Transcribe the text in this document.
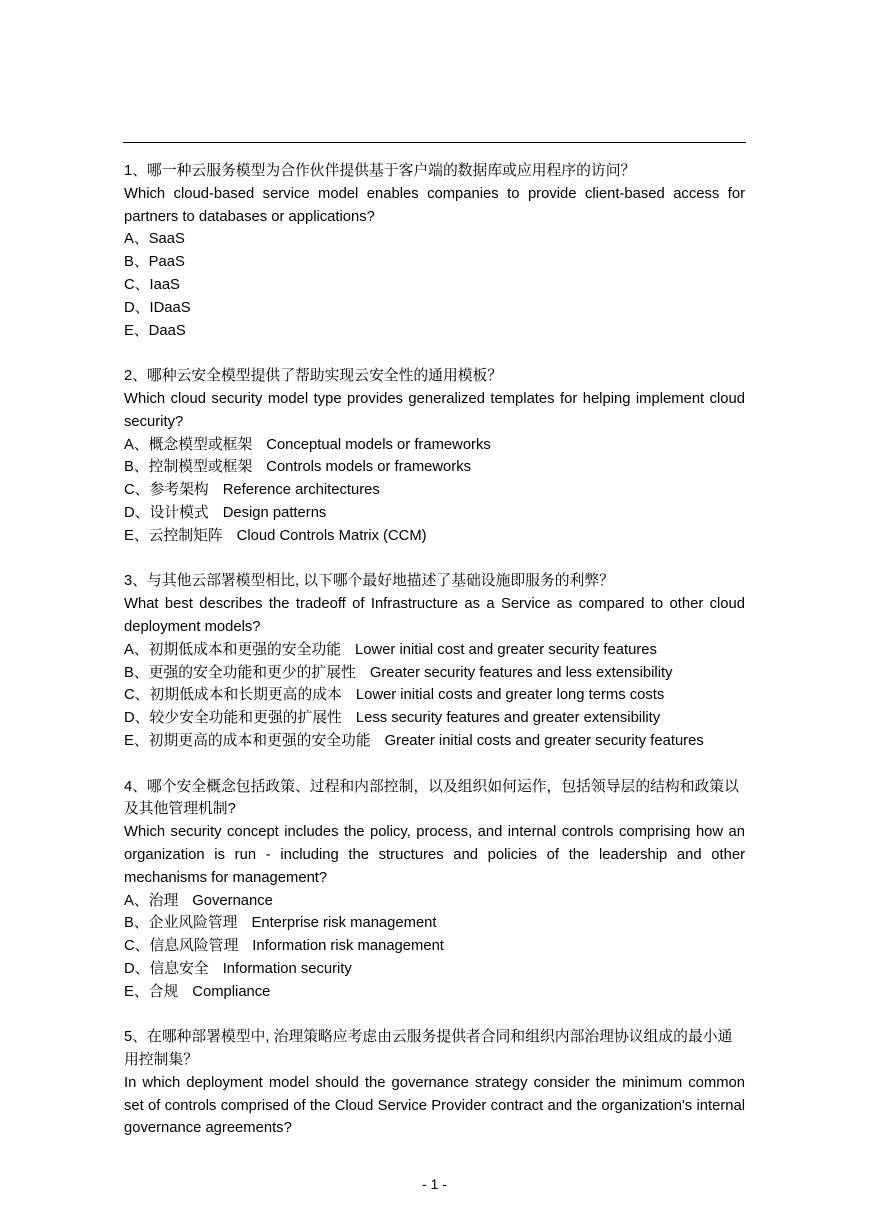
1、哪一种云服务模型为合作伙伴提供基于客户端的数据库或应用程序的访问？

Which cloud-based service model enables companies to provide client-based access for partners to databases or applications?

A、SaaS

B、PaaS

C、IaaS

D、IDaaS

E、DaaS

2、哪种云安全模型提供了帮助实现云安全性的通用模板？

Which cloud security model type provides generalized templates for helping implement cloud security?

A、概念模型或框架 Conceptual models or frameworks

B、控制模型或框架 Controls models or frameworks

C、参考架构 Reference architectures

D、设计模式 Design patterns

E、云控制矩阵 Cloud Controls Matrix (CCM)

3、与其他云部署模型相比, 以下哪个最好地描述了基础设施即服务的利弊？

What best describes the tradeoff of Infrastructure as a Service as compared to other cloud deployment models?

A、初期低成本和更强的安全功能 Lower initial cost and greater security features

B、更强的安全功能和更少的扩展性 Greater security features and less extensibility

C、初期低成本和长期更高的成本 Lower initial costs and greater long terms costs

D、较少安全功能和更强的扩展性 Less security features and greater extensibility

E、初期更高的成本和更强的安全功能 Greater initial costs and greater security features

4、哪个安全概念包括政策、过程和内部控制，以及组织如何运作，包括领导层的结构和政策以及其他管理机制?

Which security concept includes the policy, process, and internal controls comprising how an organization is run - including the structures and policies of the leadership and other mechanisms for management?

A、治理 Governance

B、企业风险管理 Enterprise risk management

C、信息风险管理 Information risk management

D、信息安全 Information security

E、合规 Compliance

5、在哪种部署模型中, 治理策略应考虑由云服务提供者合同和组织内部治理协议组成的最小通用控制集？

In which deployment model should the governance strategy consider the minimum common set of controls comprised of the Cloud Service Provider contract and the organization's internal governance agreements?

- 1 -
